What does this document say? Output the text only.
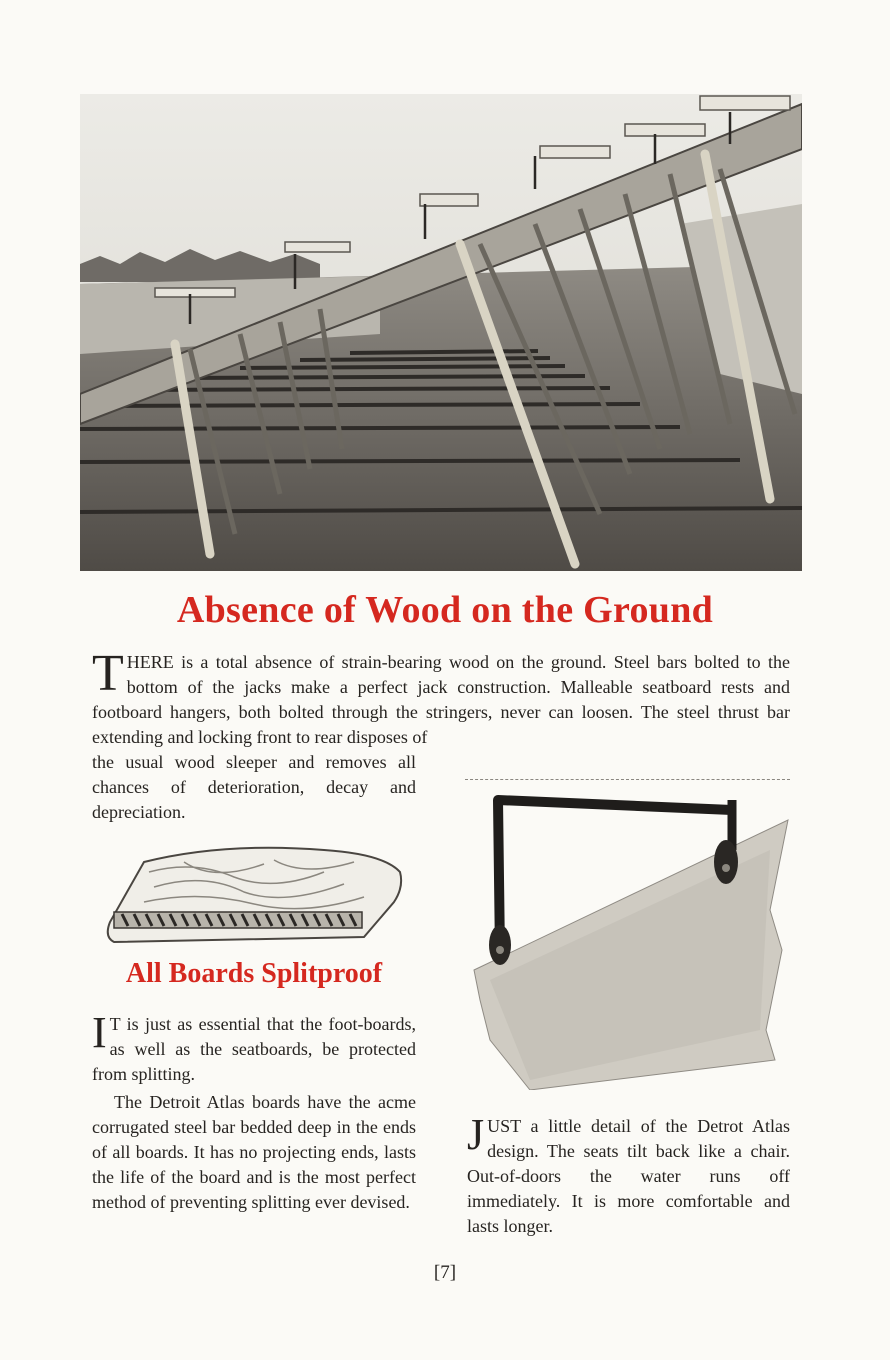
Absence of Wood on the Ground

THERE is a total absence of strain-bearing wood on the ground. Steel bars bolted to the bottom of the jacks make a perfect jack construction. Malleable seatboard rests and footboard hangers, both bolted through the stringers, never can loosen. The steel thrust bar extending and locking front to rear disposes of

the usual wood sleeper and removes all chances of deterioration, decay and depreciation.

All Boards Splitproof

I T is just as essential that the foot-boards, as well as the seatboards, be protected from splitting.

The Detroit Atlas boards have the acme corrugated steel bar bedded deep in the ends of all boards. It has no projecting ends, lasts the life of the board and is the most perfect method of preventing splitting ever devised.

JUST a little detail of the Detrot Atlas design. The seats tilt back like a chair. Out-of-doors the water runs off immediately. It is more comfortable and lasts longer.

[7]
